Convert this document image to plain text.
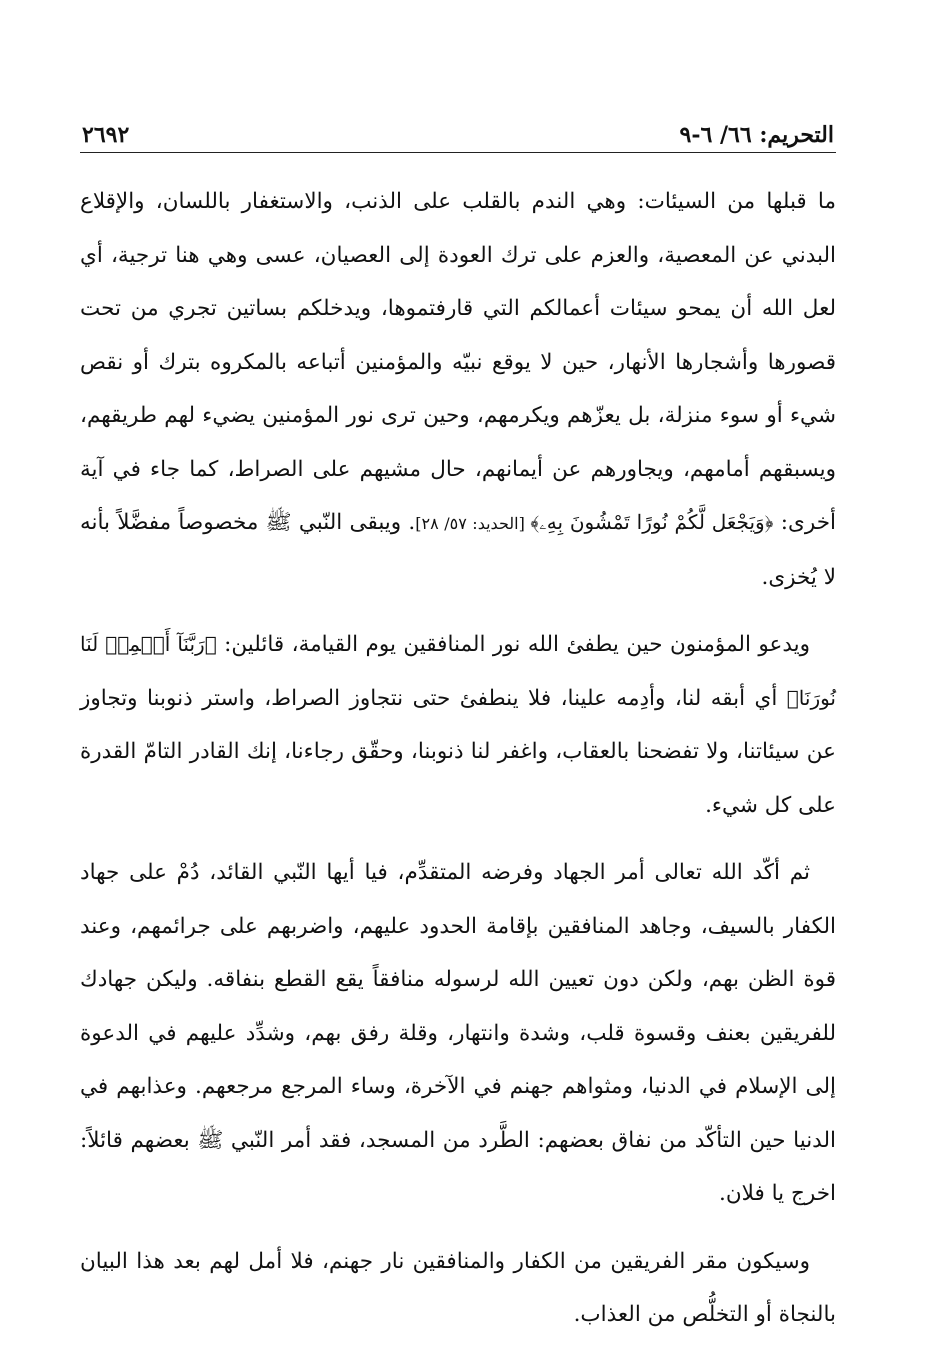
التحريم: ٦٦/ ٦-٩
٢٦٩٢

ما قبلها من السيئات: وهي الندم بالقلب على الذنب، والاستغفار باللسان، والإقلاع البدني عن المعصية، والعزم على ترك العودة إلى العصيان، عسى وهي هنا ترجية، أي لعل الله أن يمحو سيئات أعمالكم التي قارفتموها، ويدخلكم بساتين تجري من تحت قصورها وأشجارها الأنهار، حين لا يوقع نبيّه والمؤمنين أتباعه بالمكروه بترك أو نقص شيء أو سوء منزلة، بل يعزّهم ويكرمهم، وحين ترى نور المؤمنين يضيء لهم طريقهم، ويسبقهم أمامهم، ويجاورهم عن أيمانهم، حال مشيهم على الصراط، كما جاء في آية أخرى: ﴿وَيَجْعَل لَّكُمْ نُورًا تَمْشُونَ بِهِۦ﴾ [الحديد: ٥٧/ ٢٨]. ويبقى النّبي ﷺ مخصوصاً مفضَّلاً بأنه لا يُخزى.

ويدعو المؤمنون حين يطفئ الله نور المنافقين يوم القيامة، قائلين: ﴿رَبَّنَآ أَتۡمِمۡ لَنَا نُورَنَا﴾ أي أبقه لنا، وأدِمه علينا، فلا ينطفئ حتى نتجاوز الصراط، واستر ذنوبنا وتجاوز عن سيئاتنا، ولا تفضحنا بالعقاب، واغفر لنا ذنوبنا، وحقّق رجاءنا، إنك القادر التامّ القدرة على كل شيء.

ثم أكّد الله تعالى أمر الجهاد وفرضه المتقدِّم، فيا أيها النّبي القائد، دُمْ على جهاد الكفار بالسيف، وجاهد المنافقين بإقامة الحدود عليهم، واضربهم على جرائمهم، وعند قوة الظن بهم، ولكن دون تعيين الله لرسوله منافقاً يقع القطع بنفاقه. وليكن جهادك للفريقين بعنف وقسوة قلب، وشدة وانتهار، وقلة رفق بهم، وشدِّد عليهم في الدعوة إلى الإسلام في الدنيا، ومثواهم جهنم في الآخرة، وساء المرجع مرجعهم. وعذابهم في الدنيا حين التأكّد من نفاق بعضهم: الطَّرد من المسجد، فقد أمر النّبي ﷺ بعضهم قائلاً: اخرج يا فلان.

وسيكون مقر الفريقين من الكفار والمنافقين نار جهنم، فلا أمل لهم بعد هذا البيان بالنجاة أو التخلُّص من العذاب.
